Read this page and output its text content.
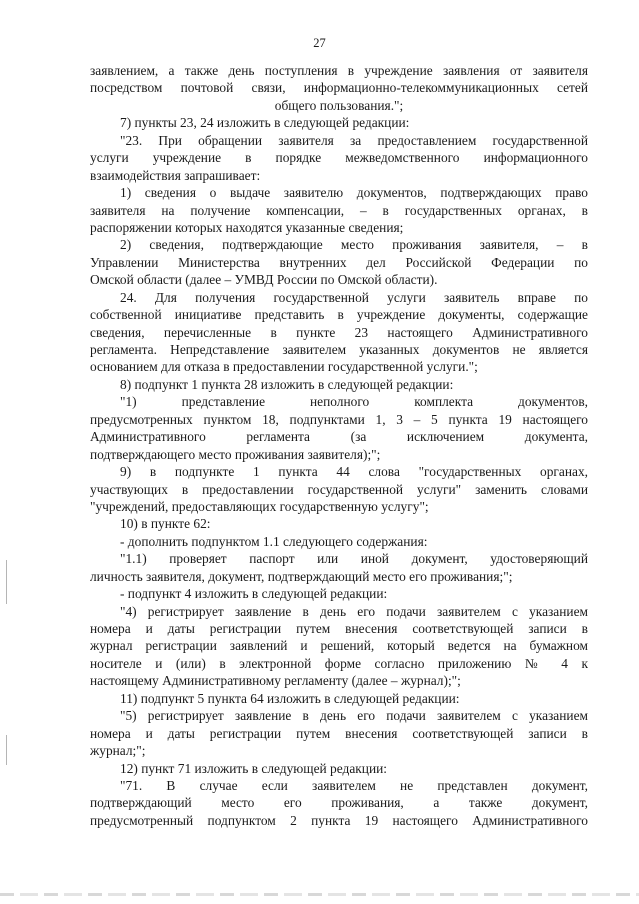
27
заявлением, а также день поступления в учреждение заявления от заявителя
посредством почтовой связи, информационно-телекоммуникационных сетей
общего пользования.";
7) пункты 23, 24 изложить в следующей редакции:
"23. При обращении заявителя за предоставлением государственной
услуги учреждение в порядке межведомственного информационного
взаимодействия запрашивает:
1) сведения о выдаче заявителю документов, подтверждающих право
заявителя на получение компенсации, – в государственных органах, в
распоряжении которых находятся указанные сведения;
2) сведения, подтверждающие место проживания заявителя, – в
Управлении Министерства внутренних дел Российской Федерации по
Омской области (далее – УМВД России по Омской области).
24. Для получения государственной услуги заявитель вправе по
собственной инициативе представить в учреждение документы, содержащие
сведения, перечисленные в пункте 23 настоящего Административного
регламента. Непредставление заявителем указанных документов не является
основанием для отказа в предоставлении государственной услуги.";
8) подпункт 1 пункта 28 изложить в следующей редакции:
"1) представление неполного комплекта документов,
предусмотренных пунктом 18, подпунктами 1, 3 – 5 пункта 19 настоящего
Административного регламента (за исключением документа,
подтверждающего место проживания заявителя);";
9) в подпункте 1 пункта 44 слова "государственных органах,
участвующих в предоставлении государственной услуги" заменить словами
"учреждений, предоставляющих государственную услугу";
10) в пункте 62:
- дополнить подпунктом 1.1 следующего содержания:
"1.1) проверяет паспорт или иной документ, удостоверяющий
личность заявителя, документ, подтверждающий место его проживания;";
- подпункт 4 изложить в следующей редакции:
"4) регистрирует заявление в день его подачи заявителем с указанием
номера и даты регистрации путем внесения соответствующей записи в
журнал регистрации заявлений и решений, который ведется на бумажном
носителе и (или) в электронной форме согласно приложению № 4 к
настоящему Административному регламенту (далее – журнал);";
11) подпункт 5 пункта 64 изложить в следующей редакции:
"5) регистрирует заявление в день его подачи заявителем с указанием
номера и даты регистрации путем внесения соответствующей записи в
журнал;";
12) пункт 71 изложить в следующей редакции:
"71. В случае если заявителем не представлен документ,
подтверждающий место его проживания, а также документ,
предусмотренный подпунктом 2 пункта 19 настоящего Административного
